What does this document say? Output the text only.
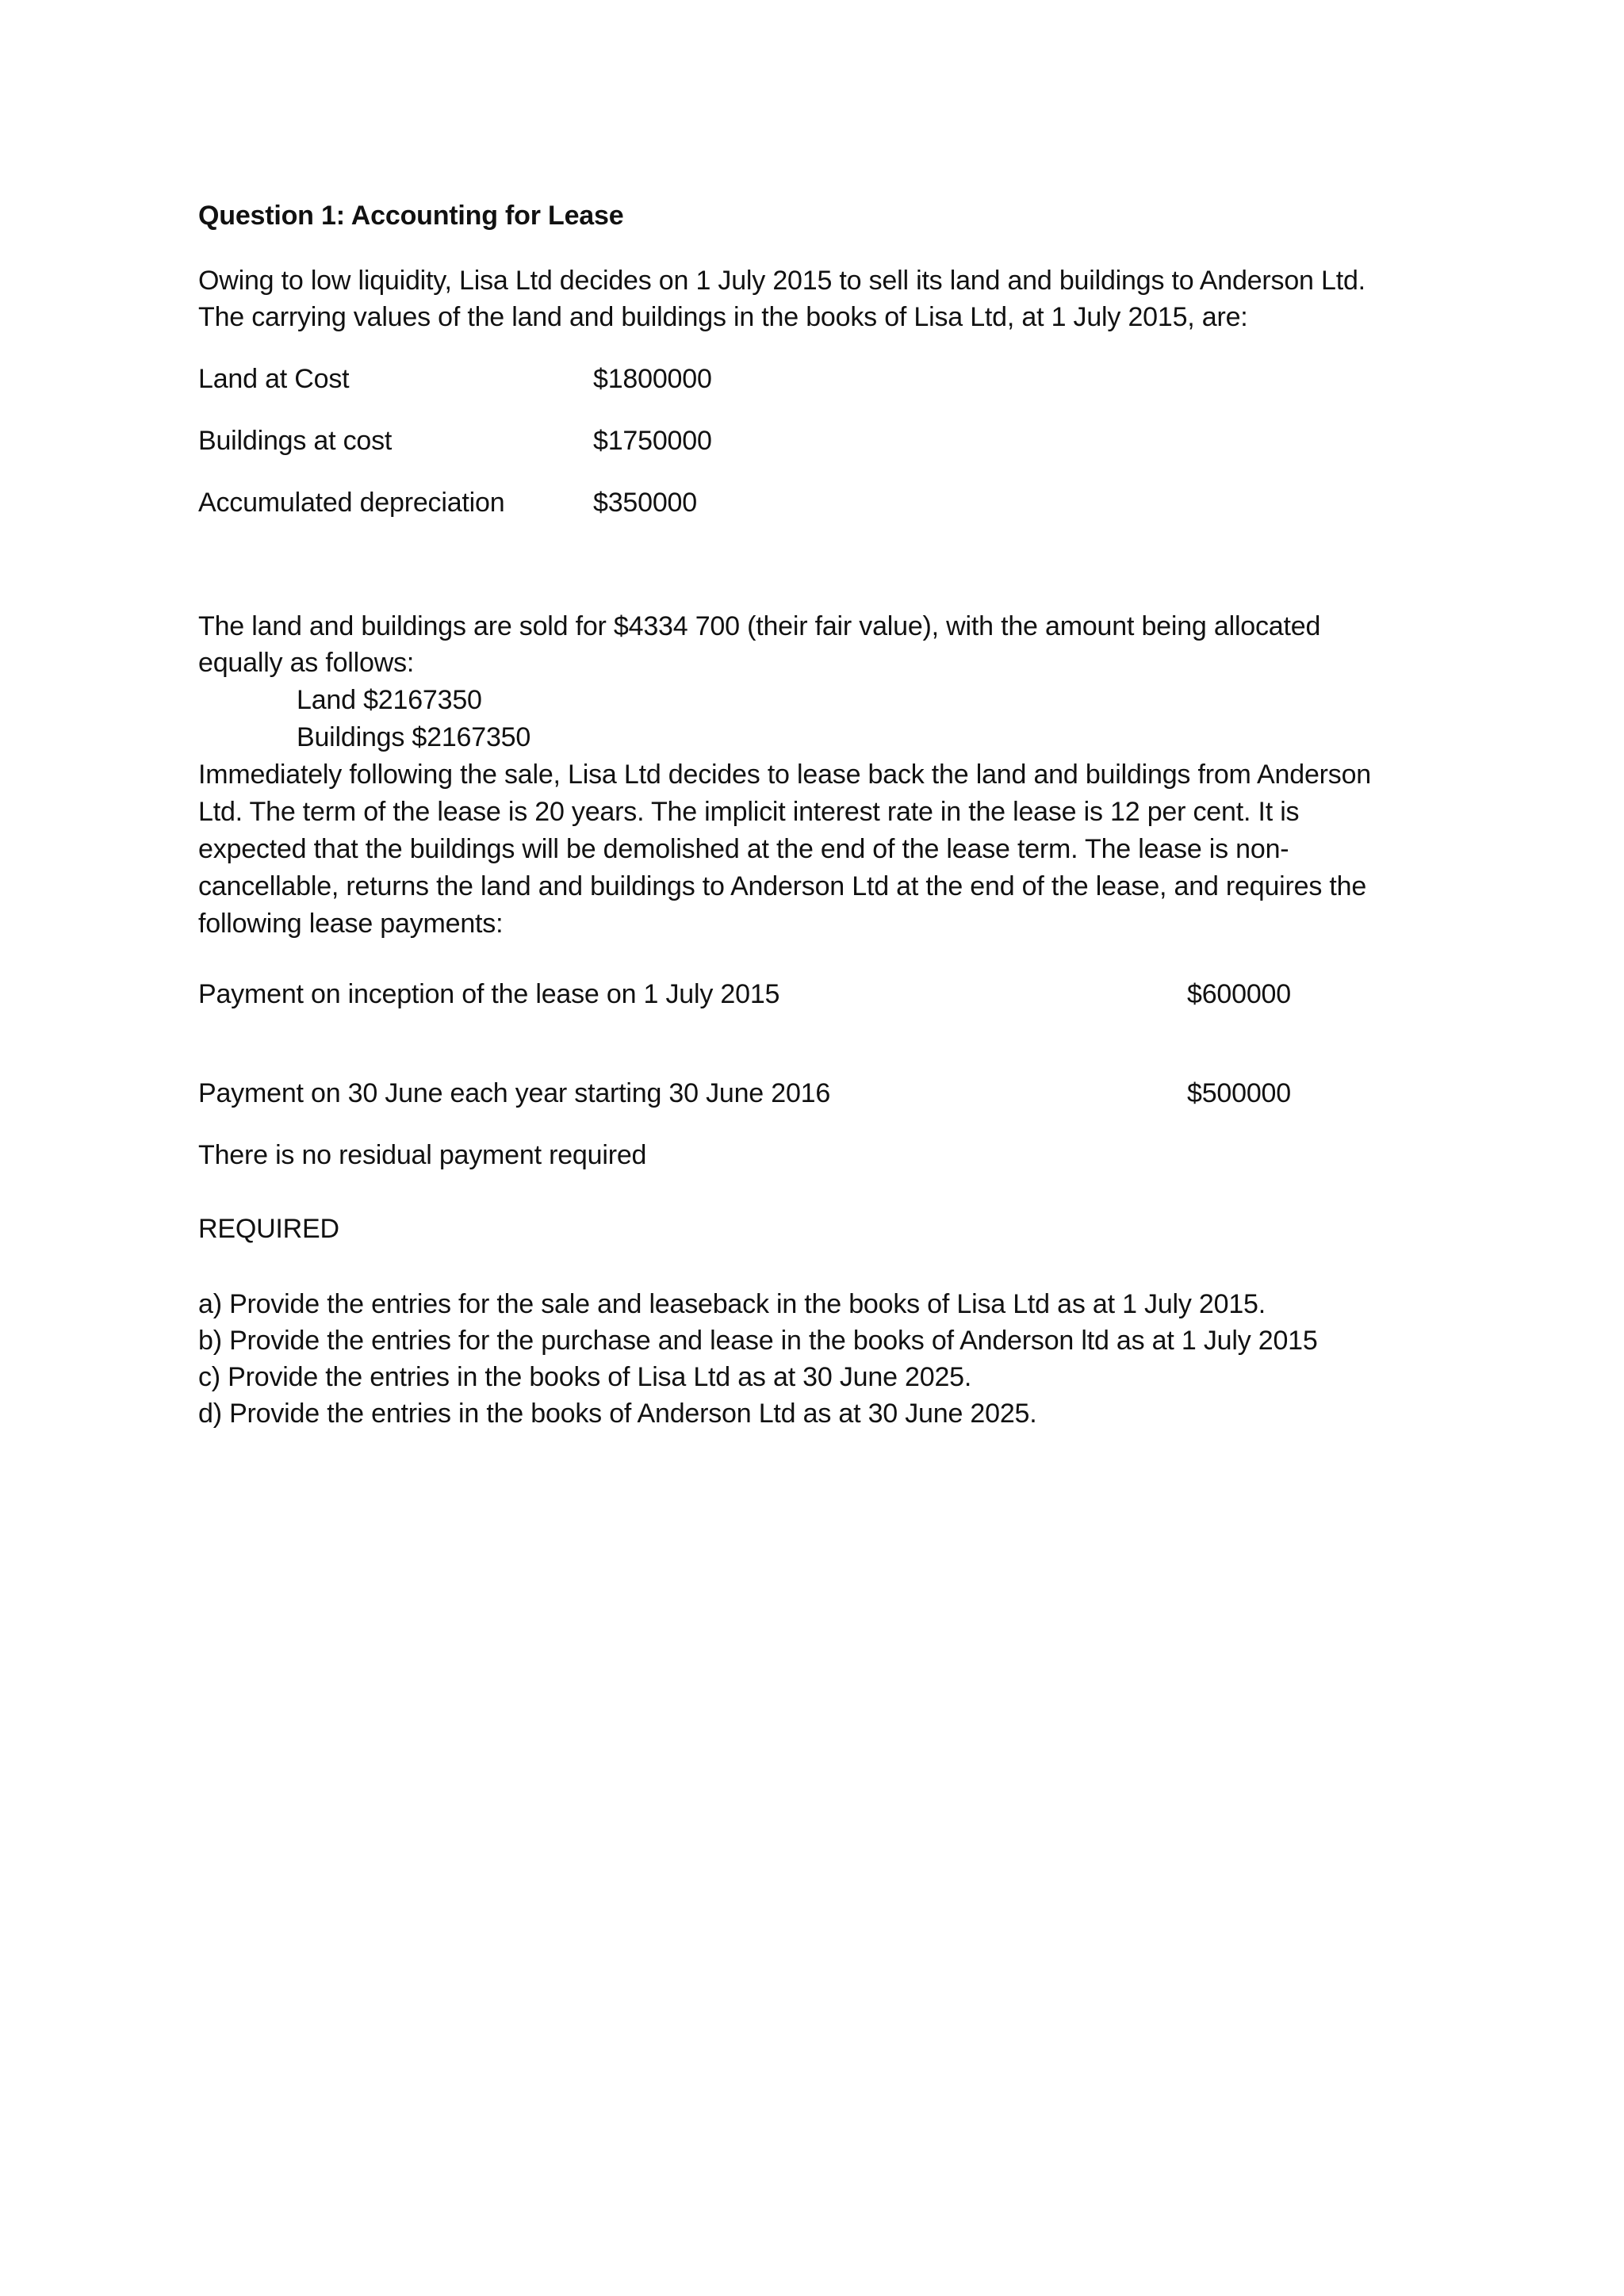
Question 1: Accounting for Lease
Owing to low liquidity, Lisa Ltd decides on 1 July 2015 to sell its land and buildings to Anderson Ltd.
The carrying values of the land and buildings in the books of Lisa Ltd, at 1 July 2015, are:
Land at Cost	$1800000
Buildings at cost	$1750000
Accumulated depreciation	$350000
The land and buildings are sold for $4334 700 (their fair value), with the amount being allocated
equally as follows:
Land $2167350
Buildings $2167350
Immediately following the sale, Lisa Ltd decides to lease back the land and buildings from Anderson
Ltd. The term of the lease is 20 years. The implicit interest rate in the lease is 12 per cent. It is
expected that the buildings will be demolished at the end of the lease term. The lease is non-
cancellable, returns the land and buildings to Anderson Ltd at the end of the lease, and requires the
following lease payments:
Payment on inception of the lease on 1 July 2015	$600000
Payment on 30 June each year starting 30 June 2016	$500000
There is no residual payment required
REQUIRED
a) Provide the entries for the sale and leaseback in the books of Lisa Ltd as at 1 July 2015.
b) Provide the entries for the purchase and lease in the books of Anderson ltd as at 1 July 2015
c) Provide the entries in the books of Lisa Ltd as at 30 June 2025.
d) Provide the entries in the books of Anderson Ltd as at 30 June 2025.
